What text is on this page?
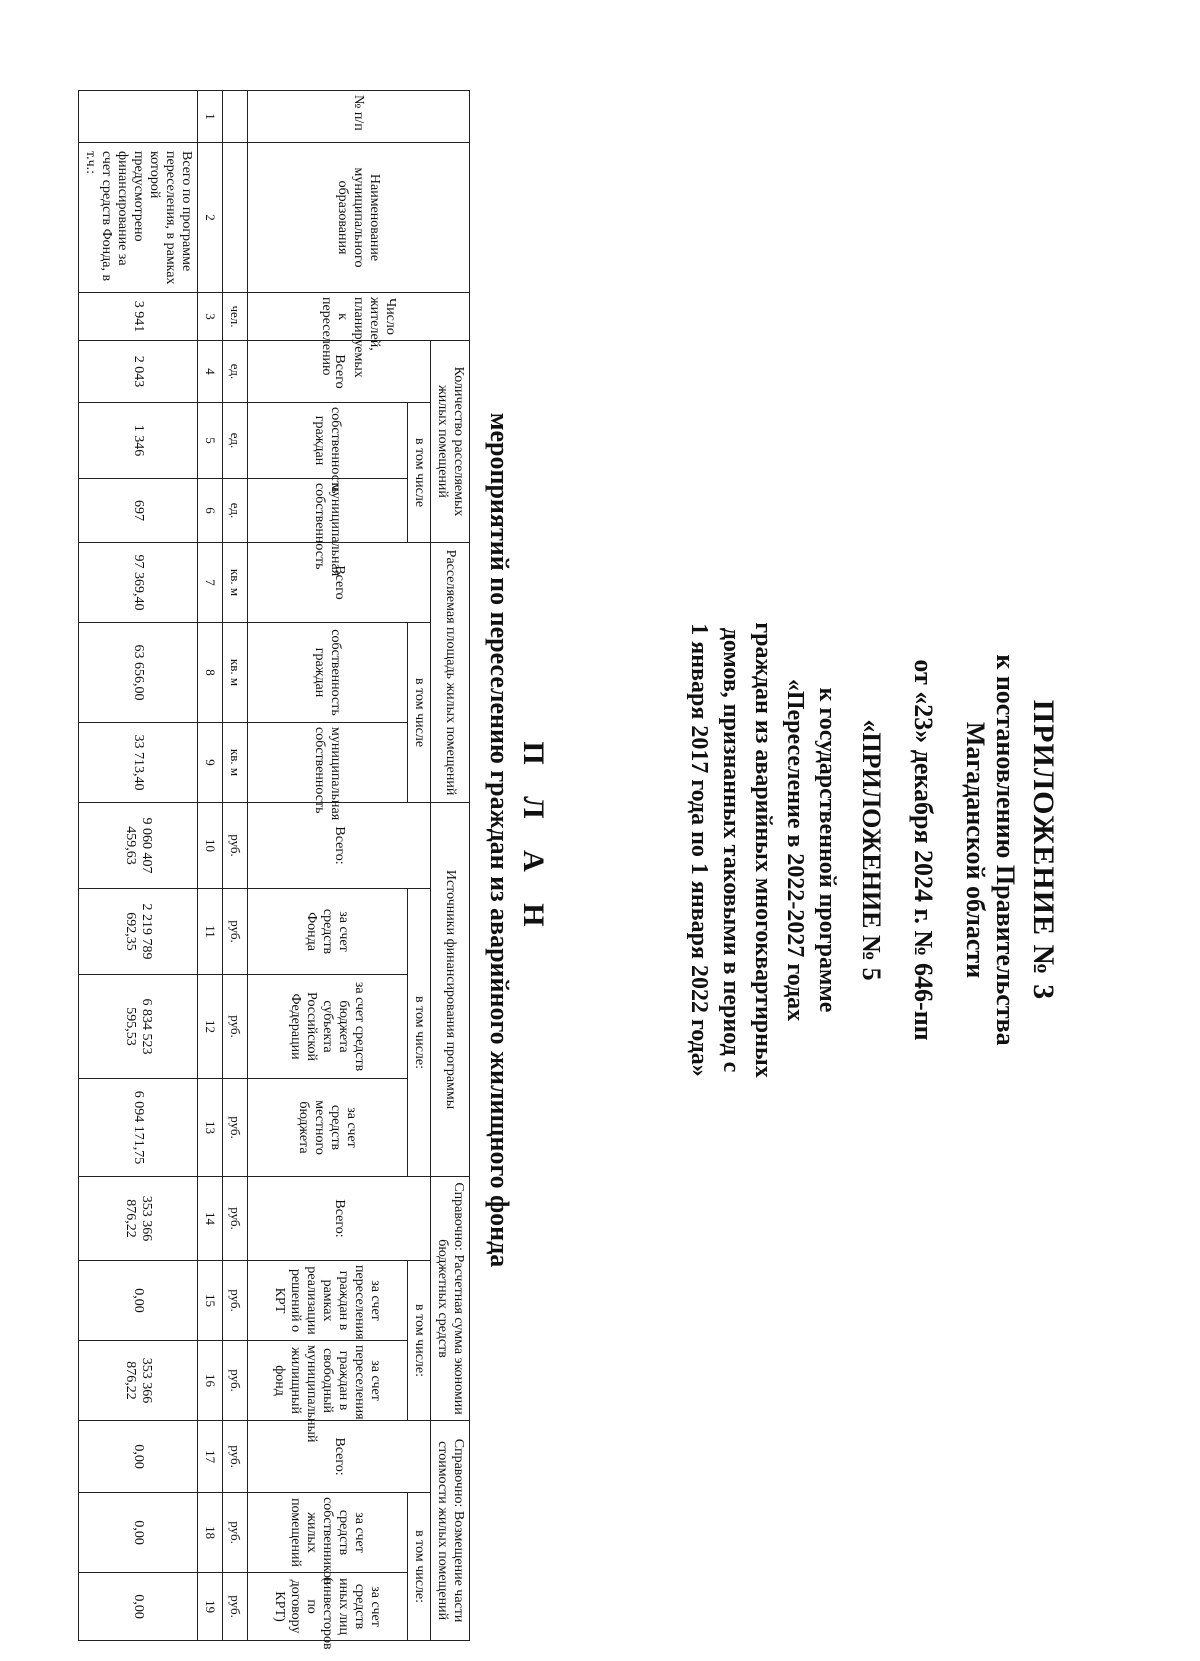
ПРИЛОЖЕНИЕ № 3

к постановлению Правительства

Магаданской области

от «23» декабря 2024 г. № 646-пп

«ПРИЛОЖЕНИЕ № 5

к государственной программе

«Переселение в 2022-2027 годах

граждан из аварийных многоквартирных

домов, признанных таковыми в период с

1 января 2017 года по 1 января 2022 года»

П Л А Н

мероприятий по переселению граждан из аварийного жилищного фонда

№ п/п	Наименование муниципального образования	Число жителей, планируемых к переселению	Количество расселяемых жилых помещений			Расселяемая площадь жилых помещений			Источники финансирования программы				Справочно: Расчетная сумма экономии бюджетных средств			Справочно: Возмещение части стоимости жилых помещений		
			Всего	в том числе		Всего	в том числе		Всего:	в том числе:			Всего:	в том числе:		Всего:	в том числе:	
				собственность граждан	муниципальная собственность		собственность граждан	муниципальная собственность		за счет средств Фонда	за счет средств бюджета субъекта Российской Федерации	за счет средств местного бюджета		за счет переселения граждан в рамках реализации решений о КРТ	за счет переселения граждан в свободный муниципальный жилищный фонд		за счет средств собственников жилых помещений	за счет средств иных лиц (инвесторов по договору КРТ)
		чел.	ед.	ед.	ед.	кв. м	кв. м	кв. м	руб.	руб.	руб.	руб.	руб.	руб.	руб.	руб.	руб.	руб.
1	2	3	4	5	6	7	8	9	10	11	12	13	14	15	16	17	18	19
	Всего по программе переселения, в рамках которой предусмотрено финансирование за счет средств Фонда, в т.ч.:	3 941	2 043	1 346	697	97 369,40	63 656,00	33 713,40	9 060 407 459,63	2 219 789 692,35	6 834 523 595,53	6 094 171,75	353 366 876,22	0,00	353 366 876,22	0,00	0,00	0,00
